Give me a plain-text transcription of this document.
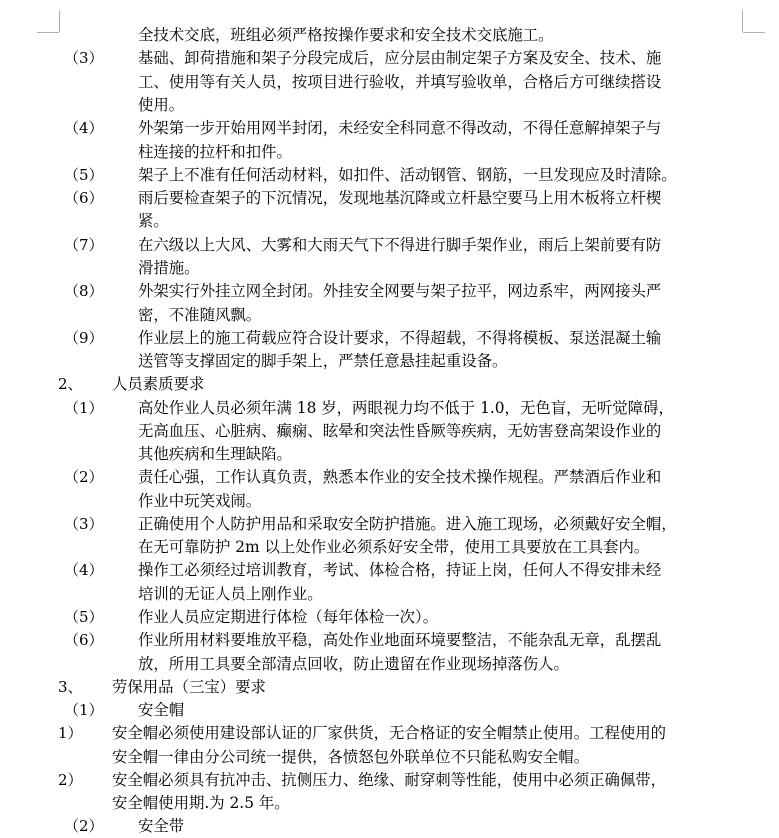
全技术交底，班组必须严格按操作要求和安全技术交底施工。
（3） 基础、卸荷措施和架子分段完成后，应分层由制定架子方案及安全、技术、施
工、使用等有关人员，按项目进行验收，并填写验收单，合格后方可继续搭设
使用。
（4） 外架第一步开始用网半封闭，未经安全科同意不得改动，不得任意解掉架子与
柱连接的拉杆和扣件。
（5） 架子上不准有任何活动材料，如扣件、活动钢管、钢筋，一旦发现应及时清除。
（6） 雨后要检查架子的下沉情况，发现地基沉降或立杆悬空要马上用木板将立杆楔
紧。
（7） 在六级以上大风、大雾和大雨天气下不得进行脚手架作业，雨后上架前要有防
滑措施。
（8） 外架实行外挂立网全封闭。外挂安全网要与架子拉平，网边系牢，两网接头严
密，不准随风飘。
（9） 作业层上的施工荷载应符合设计要求，不得超载，不得将模板、泵送混凝土输
送管等支撑固定的脚手架上，严禁任意悬挂起重设备。
2、 人员素质要求
（1） 高处作业人员必须年满 18 岁，两眼视力均不低于 1.0，无色盲，无听觉障碍，
无高血压、心脏病、癫痫、眩晕和突法性昏厥等疾病，无妨害登高架设作业的
其他疾病和生理缺陷。
（2） 责任心强，工作认真负责，熟悉本作业的安全技术操作规程。严禁酒后作业和
作业中玩笑戏闹。
（3） 正确使用个人防护用品和采取安全防护措施。进入施工现场，必须戴好安全帽，
在无可靠防护 2m 以上处作业必须系好安全带，使用工具要放在工具套内。
（4） 操作工必须经过培训教育，考试、体检合格，持证上岗，任何人不得安排未经
培训的无证人员上刚作业。
（5） 作业人员应定期进行体检（每年体检一次）。
（6） 作业所用材料要堆放平稳，高处作业地面环境要整洁，不能杂乱无章，乱摆乱
放，所用工具要全部清点回收，防止遗留在作业现场掉落伤人。
3、 劳保用品（三宝）要求
（1） 安全帽
1） 安全帽必须使用建设部认证的厂家供货，无合格证的安全帽禁止使用。工程使用的
安全帽一律由分公司统一提供，各愤怒包外联单位不只能私购安全帽。
2） 安全帽必须具有抗冲击、抗侧压力、绝缘、耐穿刺等性能，使用中必须正确佩带，
安全帽使用期.为 2.5 年。
（2） 安全带
